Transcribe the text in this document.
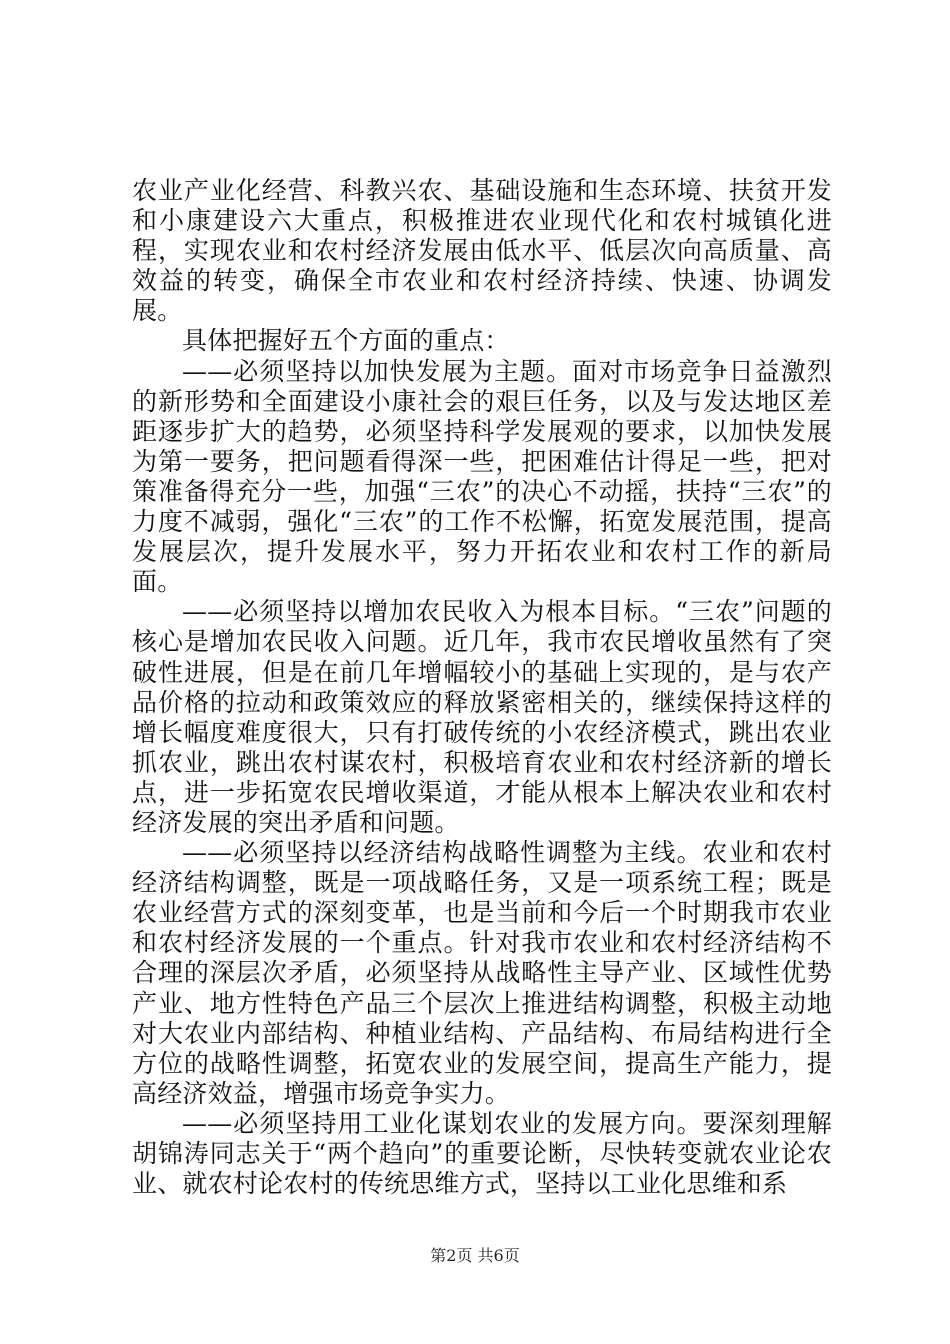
农业产业化经营、科教兴农、基础设施和生态环境、扶贫开发和小康建设六大重点，积极推进农业现代化和农村城镇化进程，实现农业和农村经济发展由低水平、低层次向高质量、高效益的转变，确保全市农业和农村经济持续、快速、协调发展。

具体把握好五个方面的重点：

——必须坚持以加快发展为主题。面对市场竞争日益激烈的新形势和全面建设小康社会的艰巨任务，以及与发达地区差距逐步扩大的趋势，必须坚持科学发展观的要求，以加快发展为第一要务，把问题看得深一些，把困难估计得足一些，把对策准备得充分一些，加强“三农”的决心不动摇，扶持“三农”的力度不减弱，强化“三农”的工作不松懈，拓宽发展范围，提高发展层次，提升发展水平，努力开拓农业和农村工作的新局面。

——必须坚持以增加农民收入为根本目标。“三农”问题的核心是增加农民收入问题。近几年，我市农民增收虽然有了突破性进展，但是在前几年增幅较小的基础上实现的，是与农产品价格的拉动和政策效应的释放紧密相关的，继续保持这样的增长幅度难度很大，只有打破传统的小农经济模式，跳出农业抓农业，跳出农村谋农村，积极培育农业和农村经济新的增长点，进一步拓宽农民增收渠道，才能从根本上解决农业和农村经济发展的突出矛盾和问题。

——必须坚持以经济结构战略性调整为主线。农业和农村经济结构调整，既是一项战略任务，又是一项系统工程；既是农业经营方式的深刻变革，也是当前和今后一个时期我市农业和农村经济发展的一个重点。针对我市农业和农村经济结构不合理的深层次矛盾，必须坚持从战略性主导产业、区域性优势产业、地方性特色产品三个层次上推进结构调整，积极主动地对大农业内部结构、种植业结构、产品结构、布局结构进行全方位的战略性调整，拓宽农业的发展空间，提高生产能力，提高经济效益，增强市场竞争实力。

——必须坚持用工业化谋划农业的发展方向。要深刻理解胡锦涛同志关于“两个趋向”的重要论断，尽快转变就农业论农业、就农村论农村的传统思维方式，坚持以工业化思维和系

第2页 共6页
